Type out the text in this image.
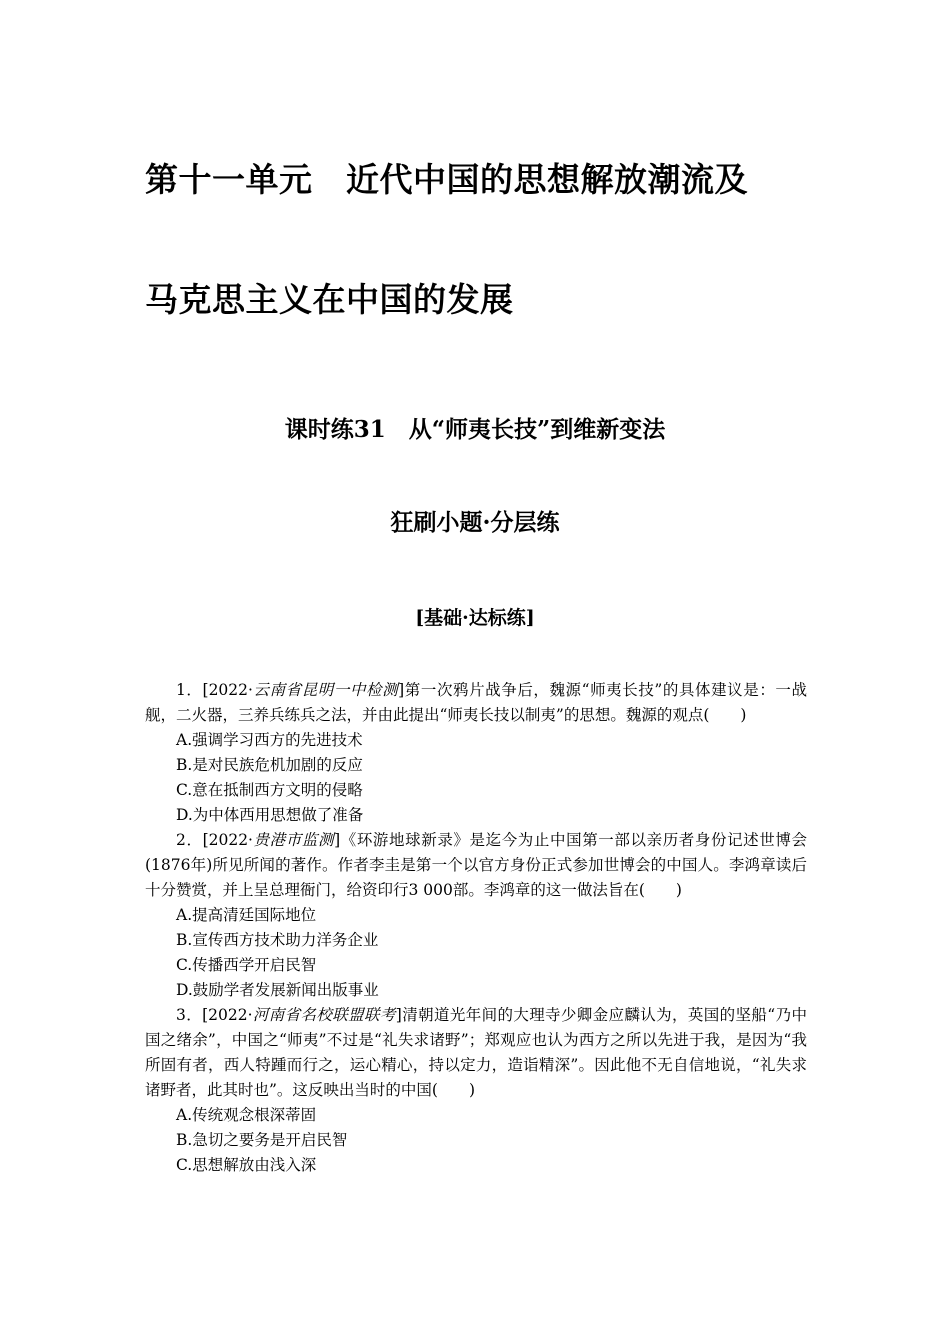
第十一单元　近代中国的思想解放潮流及
马克思主义在中国的发展
课时练31　从“师夷长技”到维新变法
狂刷小题·分层练
[基础·达标练]

1．[2022·云南省昆明一中检测]第一次鸦片战争后，魏源“师夷长技”的具体建议是：一战舰，二火器，三养兵练兵之法，并由此提出“师夷长技以制夷”的思想。魏源的观点(　　)

A.强调学习西方的先进技术

B.是对民族危机加剧的反应

C.意在抵制西方文明的侵略

D.为中体西用思想做了准备

2．[2022·贵港市监测]《环游地球新录》是迄今为止中国第一部以亲历者身份记述世博会(1876年)所见所闻的著作。作者李圭是第一个以官方身份正式参加世博会的中国人。李鸿章读后十分赞赏，并上呈总理衙门，给资印行3 000部。李鸿章的这一做法旨在(　　)

A.提高清廷国际地位

B.宣传西方技术助力洋务企业

C.传播西学开启民智

D.鼓励学者发展新闻出版事业

3．[2022·河南省名校联盟联考]清朝道光年间的大理寺少卿金应麟认为，英国的坚船“乃中国之绪余”，中国之“师夷”不过是“礼失求诸野”；郑观应也认为西方之所以先进于我，是因为“我所固有者，西人特踵而行之，运心精心，持以定力，造诣精深”。因此他不无自信地说，“礼失求诸野者，此其时也”。这反映出当时的中国(　　)

A.传统观念根深蒂固

B.急切之要务是开启民智

C.思想解放由浅入深
